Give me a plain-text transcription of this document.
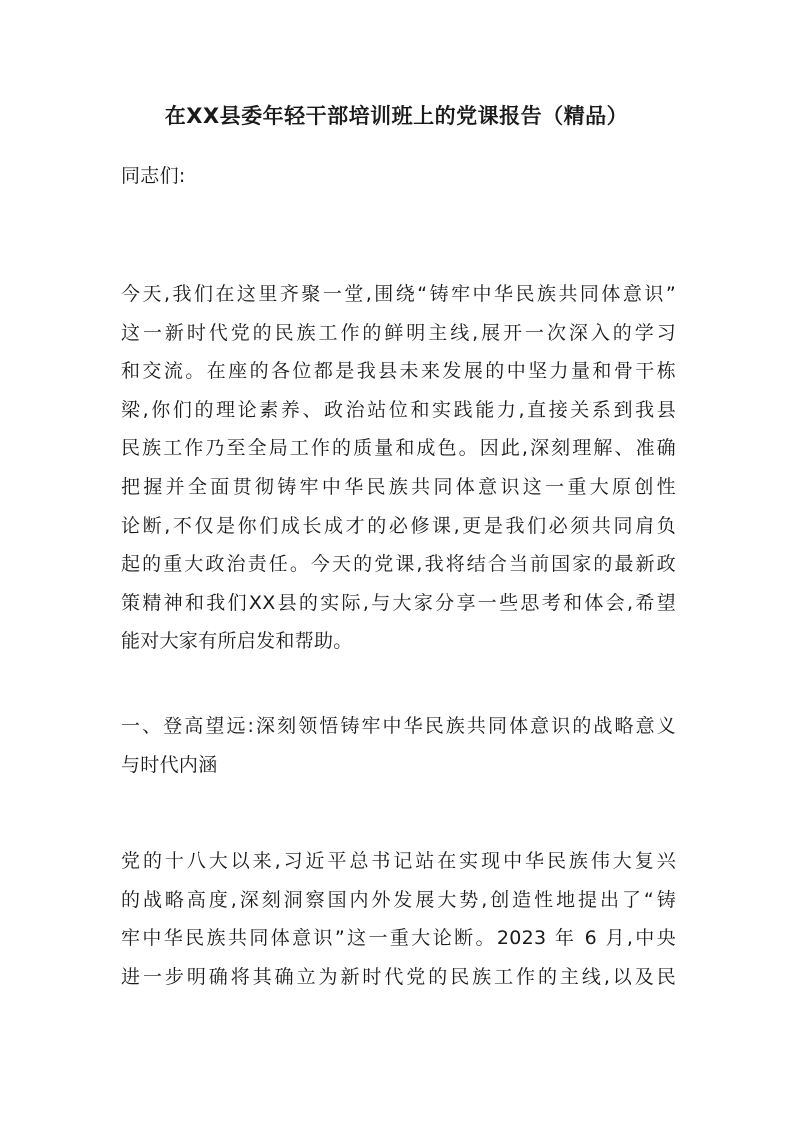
在XX县委年轻干部培训班上的党课报告（精品）
同志们:
今天,我们在这里齐聚一堂,围绕“铸牢中华民族共同体意识”
这一新时代党的民族工作的鲜明主线,展开一次深入的学习
和交流。在座的各位都是我县未来发展的中坚力量和骨干栋
梁,你们的理论素养、政治站位和实践能力,直接关系到我县
民族工作乃至全局工作的质量和成色。因此,深刻理解、准确
把握并全面贯彻铸牢中华民族共同体意识这一重大原创性
论断,不仅是你们成长成才的必修课,更是我们必须共同肩负
起的重大政治责任。今天的党课,我将结合当前国家的最新政
策精神和我们XX县的实际,与大家分享一些思考和体会,希望
能对大家有所启发和帮助。
一、登高望远:深刻领悟铸牢中华民族共同体意识的战略意义
与时代内涵
党的十八大以来,习近平总书记站在实现中华民族伟大复兴
的战略高度,深刻洞察国内外发展大势,创造性地提出了“铸
牢中华民族共同体意识”这一重大论断。2023 年 6 月,中央
进一步明确将其确立为新时代党的民族工作的主线,以及民
